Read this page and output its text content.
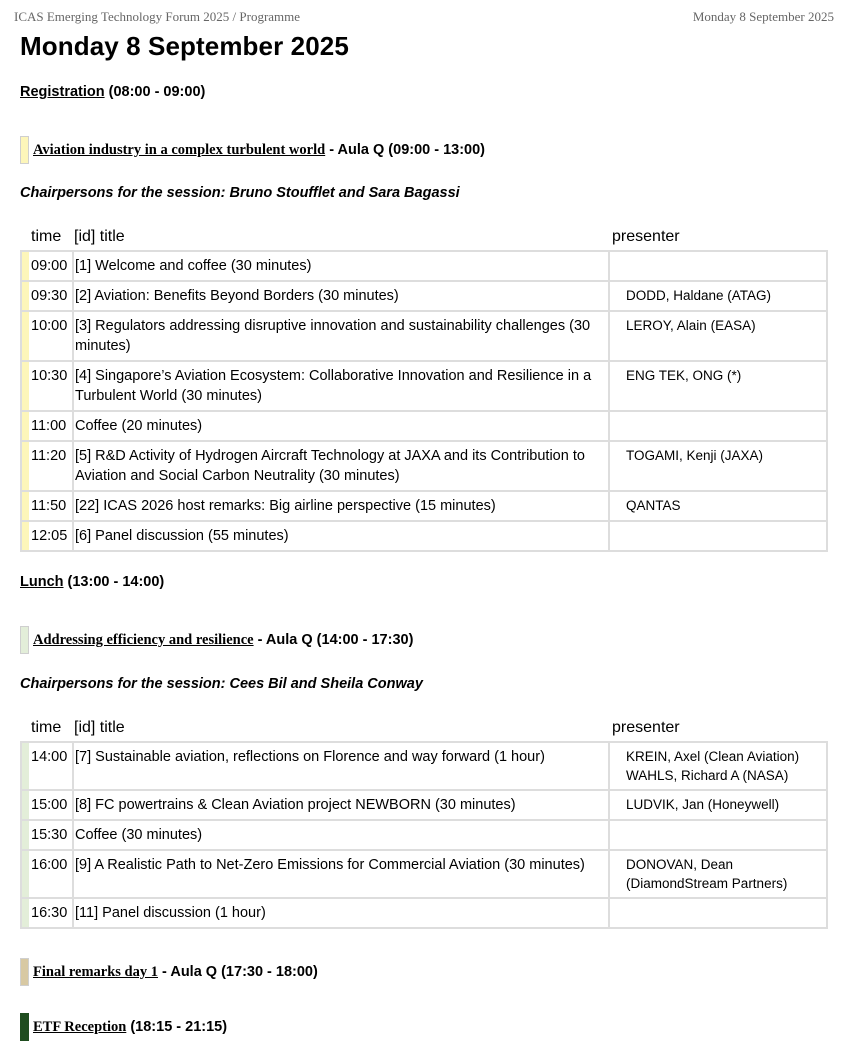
ICAS Emerging Technology Forum 2025 / Programme	Monday 8 September 2025
Monday 8 September 2025
Registration (08:00 - 09:00)
Aviation industry in a complex turbulent world - Aula Q (09:00 - 13:00)
Chairpersons for the session: Bruno Stoufflet and Sara Bagassi
time		[id] title	presenter
	09:00	[1] Welcome and coffee (30 minutes)	
	09:30	[2] Aviation: Benefits Beyond Borders (30 minutes)	DODD, Haldane (ATAG)

	10:00	[3] Regulators addressing disruptive innovation and sustainability challenges (30 minutes)	LEROY, Alain (EASA)

	10:30	[4] Singapore’s Aviation Ecosystem: Collaborative Innovation and Resilience in a Turbulent World (30 minutes)	ENG TEK, ONG (*)

	11:00	Coffee (20 minutes)	
	11:20	[5] R&D Activity of Hydrogen Aircraft Technology at JAXA and its Contribution to Aviation and Social Carbon Neutrality (30 minutes)	TOGAMI, Kenji (JAXA)

	11:50	[22] ICAS 2026 host remarks: Big airline perspective (15 minutes)	QANTAS

	12:05	[6] Panel discussion (55 minutes)	
Lunch (13:00 - 14:00)
Addressing efficiency and resilience - Aula Q (14:00 - 17:30)
Chairpersons for the session: Cees Bil and Sheila Conway
time		[id] title	presenter
	14:00	[7] Sustainable aviation, reflections on Florence and way forward (1 hour)	KREIN, Axel (Clean Aviation)
WAHLS, Richard A (NASA)

	15:00	[8] FC powertrains & Clean Aviation project NEWBORN (30 minutes)	LUDVIK, Jan (Honeywell)

	15:30	Coffee (30 minutes)	
	16:00	[9] A Realistic Path to Net-Zero Emissions for Commercial Aviation (30 minutes)	DONOVAN, Dean (DiamondStream Partners)

	16:30	[11] Panel discussion (1 hour)	
Final remarks day 1 - Aula Q (17:30 - 18:00)
ETF Reception (18:15 - 21:15)
